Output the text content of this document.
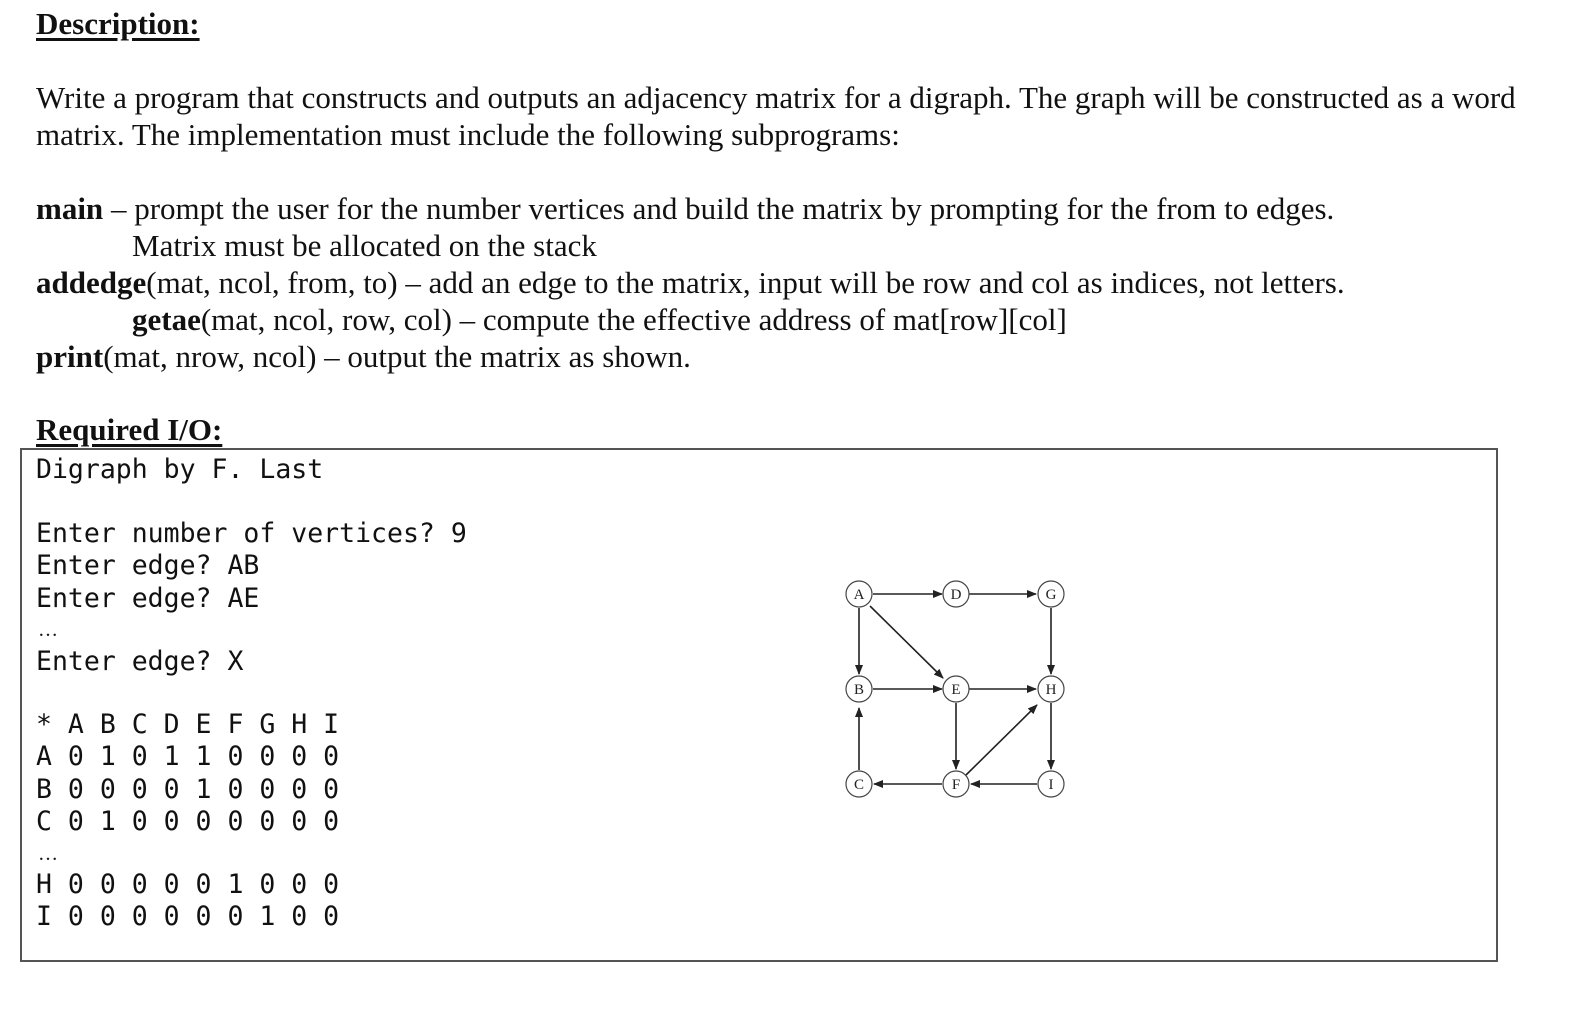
Description:

Write a program that constructs and outputs an adjacency matrix for a digraph. The graph will be constructed as a word matrix. The implementation must include the following subprograms:

main – prompt the user for the number vertices and build the matrix by prompting for the from to edges.
Matrix must be allocated on the stack
addedge(mat, ncol, from, to) – add an edge to the matrix, input will be row and col as indices, not letters.
getae(mat, ncol, row, col) – compute the effective address of mat[row][col]
print(mat, nrow, ncol) – output the matrix as shown.
Required I/O:
Digraph by F. Last
Enter number of vertices? 9
Enter edge? AB
Enter edge? AE
…
Enter edge? X
* A B C D E F G H I
A 0 1 0 1 1 0 0 0 0
B 0 0 0 0 1 0 0 0 0
C 0 1 0 0 0 0 0 0 0
…
H 0 0 0 0 0 1 0 0 0
I 0 0 0 0 0 0 1 0 0
A	D	G
B	E	H
C	F	I
